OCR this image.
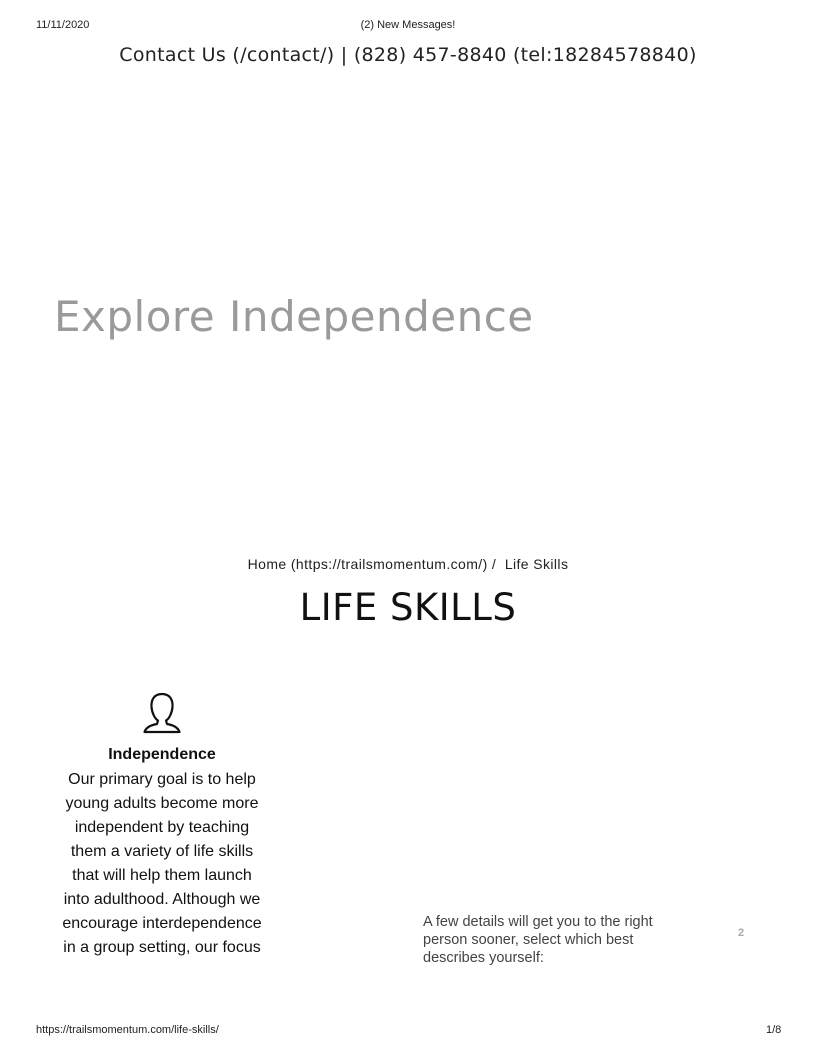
11/11/2020	(2) New Messages!
Contact Us (/contact/) | (828) 457-8840 (tel:18284578840)
Explore Independence
Home (https://trailsmomentum.com/) / Life Skills
LIFE SKILLS
Independence

Our primary goal is to help young adults become more independent by teaching them a variety of life skills that will help them launch into adulthood. Although we encourage interdependence in a group setting, our focus

A few details will get you to the right person sooner, select which best describes yourself:
2
https://trailsmomentum.com/life-skills/	1/8
